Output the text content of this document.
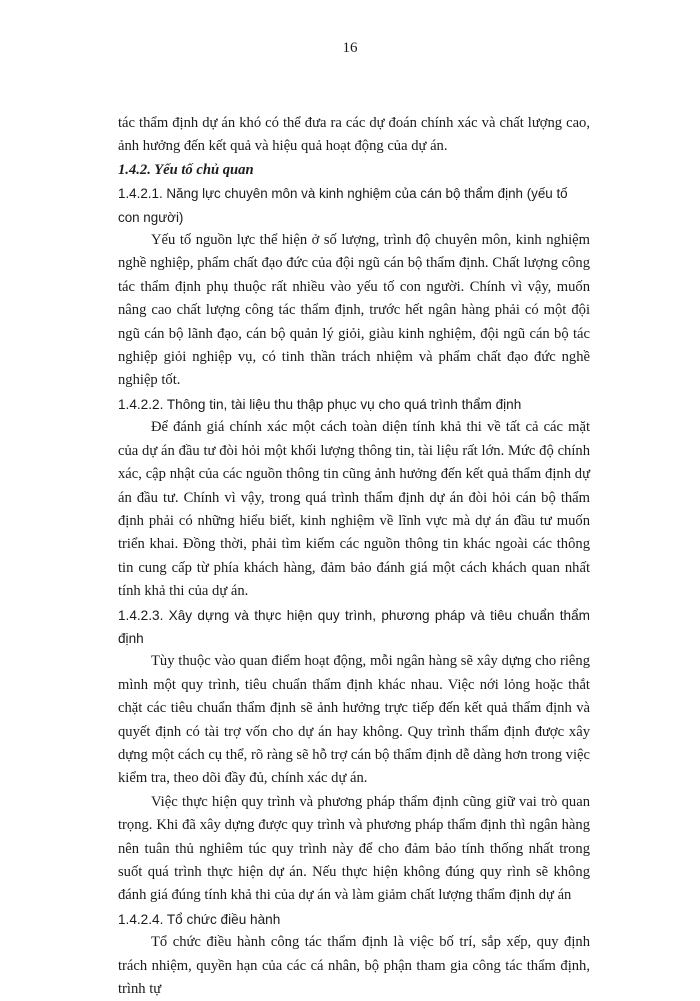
16

tác thẩm định dự án khó có thể đưa ra các dự đoán chính xác và chất lượng cao, ảnh hưởng đến kết quả và hiệu quả hoạt động của dự án.

1.4.2. Yếu tố chủ quan

1.4.2.1. Năng lực chuyên môn và kinh nghiệm của cán bộ thẩm định (yếu tố con người)

Yếu tố nguồn lực thể hiện ở số lượng, trình độ chuyên môn, kinh nghiệm nghề nghiệp, phẩm chất đạo đức của đội ngũ cán bộ thẩm định. Chất lượng công tác thẩm định phụ thuộc rất nhiều vào yếu tố con người. Chính vì vậy, muốn nâng cao chất lượng công tác thẩm định, trước hết ngân hàng phải có một đội ngũ cán bộ lãnh đạo, cán bộ quản lý giỏi, giàu kinh nghiệm, đội ngũ cán bộ tác nghiệp giỏi nghiệp vụ, có tinh thần trách nhiệm và phẩm chất đạo đức nghề nghiệp tốt.

1.4.2.2. Thông tin, tài liệu thu thập phục vụ cho quá trình thẩm định

Để đánh giá chính xác một cách toàn diện tính khả thi về tất cả các mặt của dự án đầu tư đòi hỏi một khối lượng thông tin, tài liệu rất lớn. Mức độ chính xác, cập nhật của các nguồn thông tin cũng ảnh hưởng đến kết quả thẩm định dự án đầu tư. Chính vì vậy, trong quá trình thẩm định dự án đòi hỏi cán bộ thẩm định phải có những hiểu biết, kinh nghiệm về lĩnh vực mà dự án đầu tư muốn triển khai. Đồng thời, phải tìm kiếm các nguồn thông tin khác ngoài các thông tin cung cấp từ phía khách hàng, đảm bảo đánh giá một cách khách quan nhất tính khả thi của dự án.

1.4.2.3. Xây dựng và thực hiện quy trình, phương pháp và tiêu chuẩn thẩm định

Tùy thuộc vào quan điểm hoạt động, mỗi ngân hàng sẽ xây dựng cho riêng mình một quy trình, tiêu chuẩn thẩm định khác nhau. Việc nới lỏng hoặc thắt chặt các tiêu chuẩn thẩm định sẽ ảnh hưởng trực tiếp đến kết quả thẩm định và quyết định có tài trợ vốn cho dự án hay không. Quy trình thẩm định được xây dựng một cách cụ thể, rõ ràng sẽ hỗ trợ cán bộ thẩm định dễ dàng hơn trong việc kiểm tra, theo dõi đầy đủ, chính xác dự án.

Việc thực hiện quy trình và phương pháp thẩm định cũng giữ vai trò quan trọng. Khi đã xây dựng được quy trình và phương pháp thẩm định thì ngân hàng nên tuân thủ nghiêm túc quy trình này để cho đảm bảo tính thống nhất trong suốt quá trình thực hiện dự án. Nếu thực hiện không đúng quy rình sẽ không đánh giá đúng tính khả thi của dự án và làm giảm chất lượng thẩm định dự án

1.4.2.4. Tổ chức điều hành

Tổ chức điều hành công tác thẩm định là việc bố trí, sắp xếp, quy định trách nhiệm, quyền hạn của các cá nhân, bộ phận tham gia công tác thẩm định, trình tự
